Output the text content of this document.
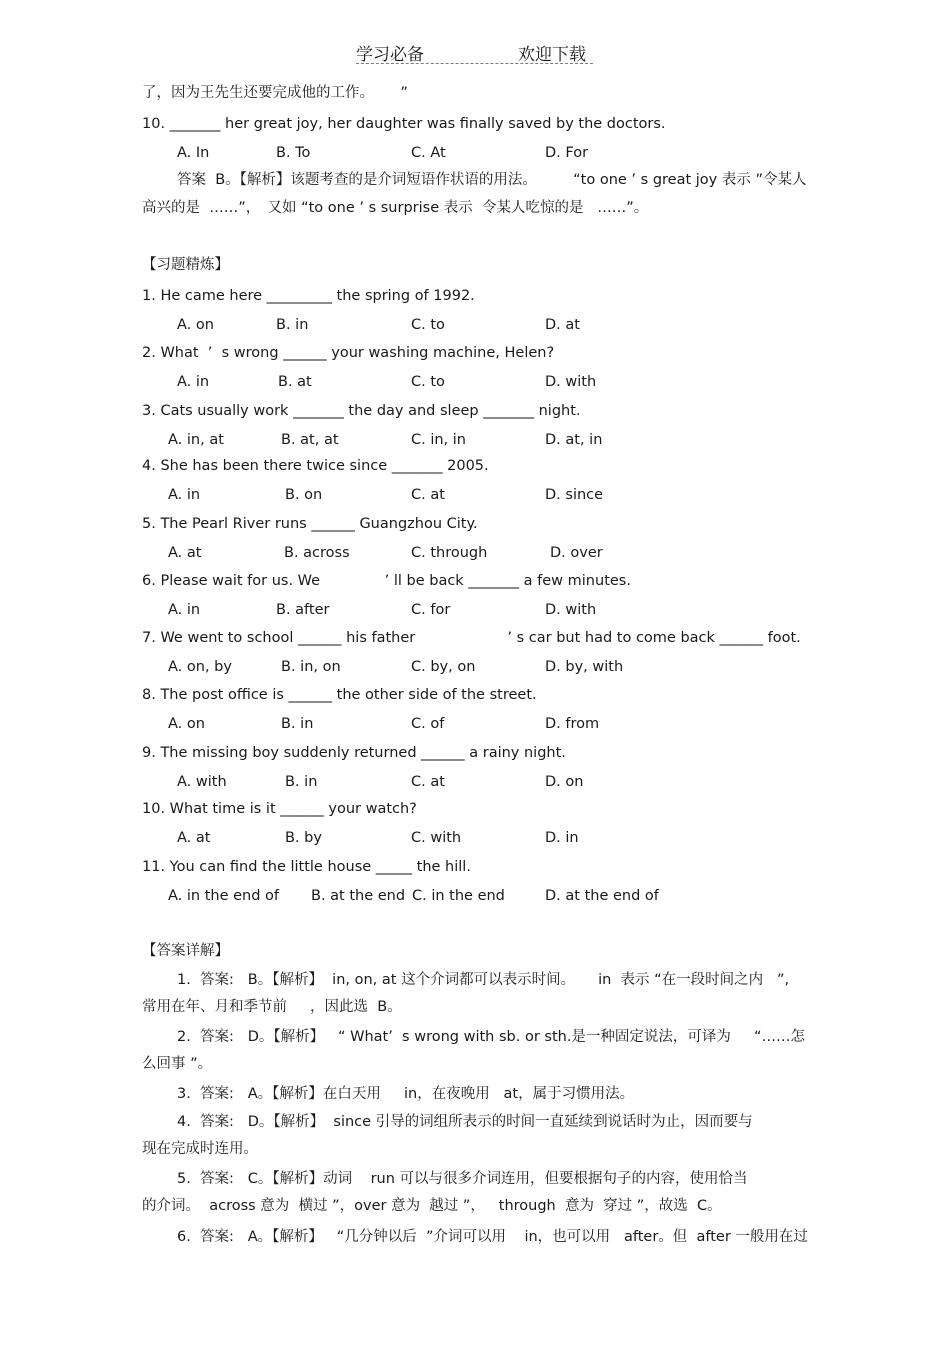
学习必备	欢迎下载
了，因为王先生还要完成他的工作。　　 ”
10. _______ her great joy, her daughter was finally saved by the doctors.
A. In	B. To	C. At	D. For
答案  B。【解析】该题考查的是介词短语作状语的用法。　　　“to one ’ s great joy 表示 ”令某人
高兴的是  ……”，　又如 “to one ’ s surprise 表示  令某人吃惊的是   ……”。
【习题精炼】
1. He came here _________ the spring of 1992.
A. on	B. in	C. to	D. at
2. What  ’  s wrong ______ your washing machine, Helen?
A. in	B. at	C. to	D. with
3. Cats usually work _______ the day and sleep _______ night.
A. in, at	B. at, at	C. in, in	D. at, in
4. She has been there twice since _______ 2005.
A. in	B. on	C. at	D. since
5. The Pearl River runs ______ Guangzhou City.
A. at	B. across	C. through	D. over
6. Please wait for us. We              ’ ll be back _______ a few minutes.
A. in	B. after	C. for	D. with
7. We went to school ______ his father                    ’ s car but had to come back ______ foot.
A. on, by	B. in, on	C. by, on	D. by, with
8. The post office is ______ the other side of the street.
A. on	B. in	C. of	D. from
9. The missing boy suddenly returned ______ a rainy night.
A. with	B. in	C. at	D. on
10. What time is it ______ your watch?
A. at	B. by	C. with	D. in
11. You can find the little house _____ the hill.
A. in the end of B. at the end C. in the end	D. at the end of
【答案详解】
1.  答案:   B。【解析】  in, on, at 这个介词都可以表示时间。     in  表示 “在一段时间之内   ”,
常用在年、月和季节前     ，因此选  B。
2.  答案:   D。【解析】   “ What’  s wrong with sb. or sth.是一种固定说法，可译为     “……怎
么回事 ”。
3.  答案:   A。【解析】在白天用     in，在夜晚用   at，属于习惯用法。
4.  答案:   D。【解析】  since 引导的词组所表示的时间一直延续到说话时为止，因而要与
现在完成时连用。
5.  答案:   C。【解析】动词    run 可以与很多介词连用，但要根据句子的内容，使用恰当
的介词。  across 意为  横过 ”，over 意为  越过 ”，   through  意为  穿过 ”，故选  C。
6.  答案:   A。【解析】   “几分钟以后  ”介词可以用    in，也可以用   after。但  after 一般用在过
